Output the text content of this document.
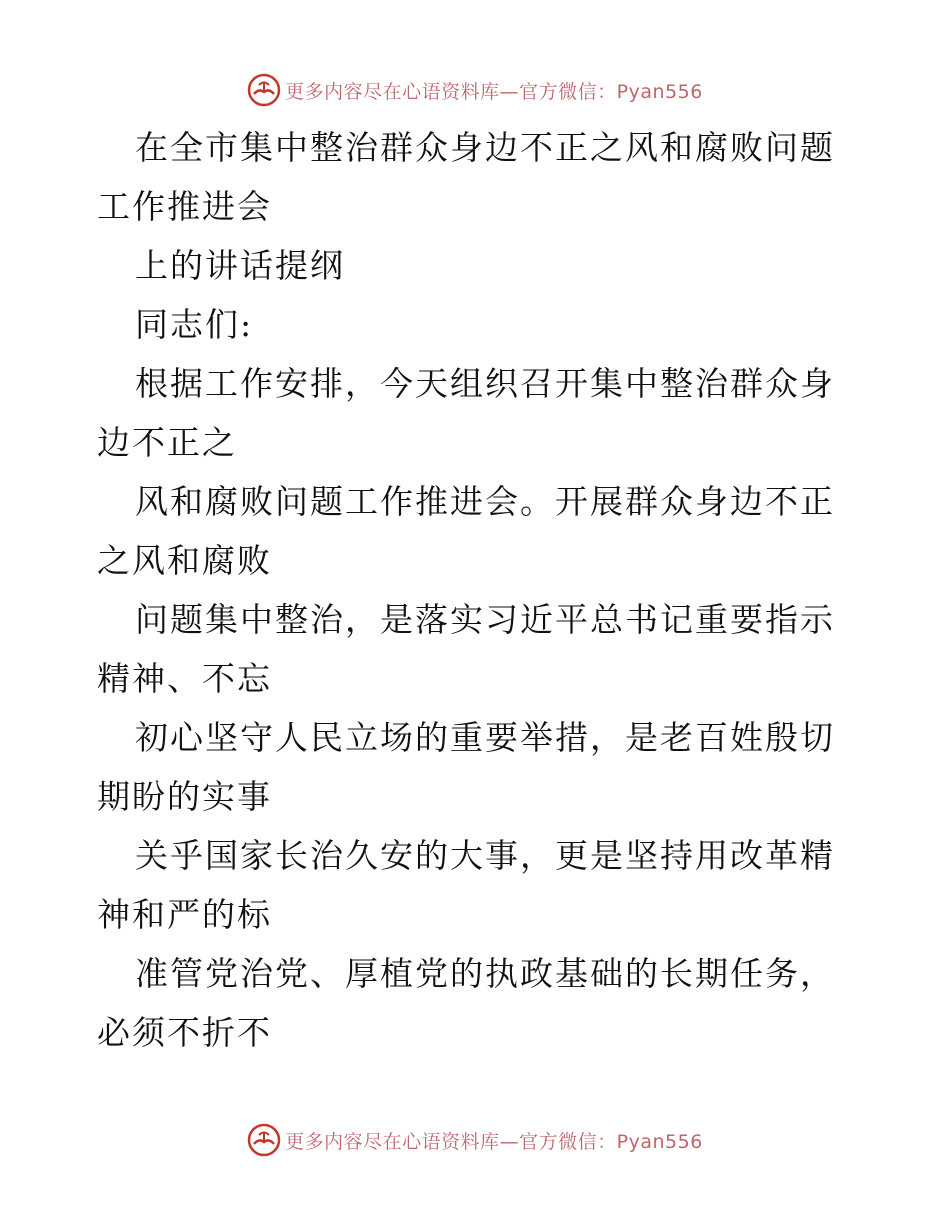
更多内容尽在心语资料库—官方微信：Pyan556

在全市集中整治群众身边不正之风和腐败问题工作推进会

上的讲话提纲

同志们:

根据工作安排，今天组织召开集中整治群众身边不正之

风和腐败问题工作推进会。开展群众身边不正之风和腐败

问题集中整治，是落实习近平总书记重要指示精神、不忘

初心坚守人民立场的重要举措，是老百姓殷切期盼的实事

关乎国家长治久安的大事，更是坚持用改革精神和严的标

准管党治党、厚植党的执政基础的长期任务，必须不折不

更多内容尽在心语资料库—官方微信：Pyan556
